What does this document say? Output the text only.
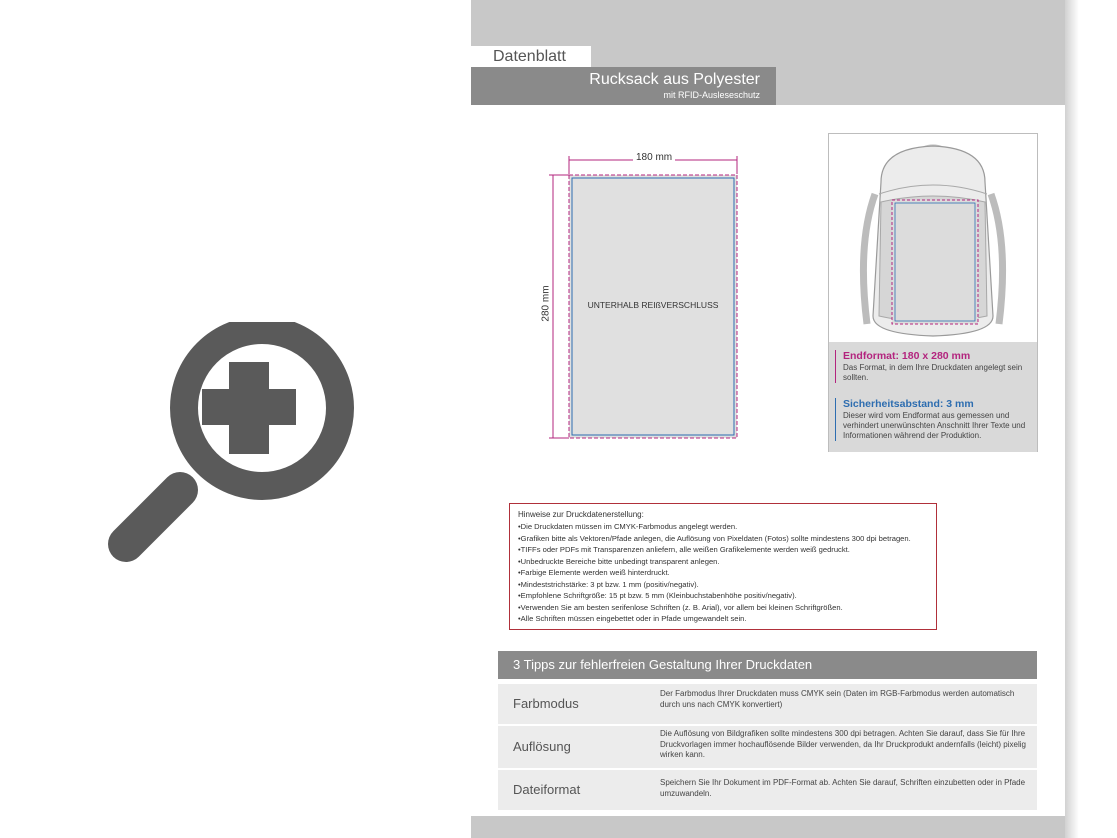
Datenblatt
Rucksack aus Polyester
mit RFID-Ausleseschutz
180 mm
280 mm	UNTERHALB REIßVERSCHLUSS
Endformat: 180 x 280 mm
Das Format, in dem Ihre Druckdaten angelegt sein sollten.
Sicherheitsabstand: 3 mm
Dieser wird vom Endformat aus gemessen und verhindert unerwünschten Anschnitt Ihrer Texte und Informationen während der Produktion.
Hinweise zur Druckdatenerstellung:
• Die Druckdaten müssen im CMYK-Farbmodus angelegt werden.
• Grafiken bitte als Vektoren/Pfade anlegen, die Auflösung von Pixeldaten (Fotos) sollte mindestens 300 dpi betragen.
• TIFFs oder PDFs mit Transparenzen anliefern, alle weißen Grafikelemente werden weiß gedruckt.
• Unbedruckte Bereiche bitte unbedingt transparent anlegen.
• Farbige Elemente werden weiß hinterdruckt.
• Mindeststrichstärke: 3 pt bzw. 1 mm (positiv/negativ).
• Empfohlene Schriftgröße: 15 pt bzw. 5 mm (Kleinbuchstabenhöhe positiv/negativ).
• Verwenden Sie am besten serifenlose Schriften (z. B. Arial), vor allem bei kleinen Schriftgrößen.
• Alle Schriften müssen eingebettet oder in Pfade umgewandelt sein.
3 Tipps zur fehlerfreien Gestaltung Ihrer Druckdaten
Farbmodus
Der Farbmodus Ihrer Druckdaten muss CMYK sein (Daten im RGB-Farbmodus werden automatisch durch uns nach CMYK konvertiert)
Auflösung
Die Auflösung von Bildgrafiken sollte mindestens 300 dpi betragen. Achten Sie darauf, dass Sie für Ihre Druckvorlagen immer hochauflösende Bilder verwenden, da Ihr Druckprodukt andernfalls (leicht) pixelig wirken kann.
Dateiformat	Speichern Sie Ihr Dokument im PDF-Format ab. Achten Sie darauf, Schriften einzubetten oder in Pfade umzuwandeln.
